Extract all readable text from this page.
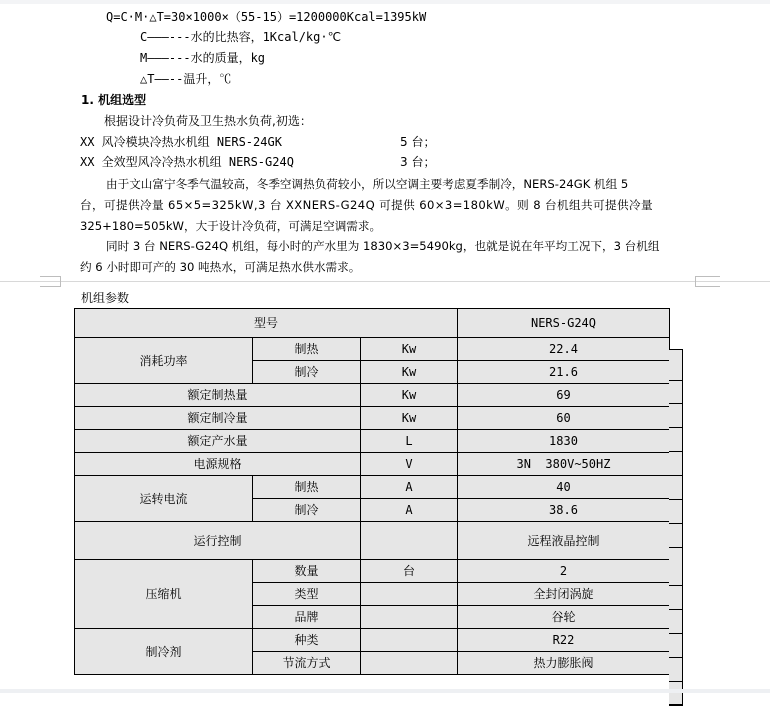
Q=C·M·△T=30×1000×（55-15）=1200000Kcal=1395kW
C———---水的比热容，1Kcal/kg·℃
M———---水的质量，kg
△T——--温升，℃
1. 机组选型
根据设计冷负荷及卫生热水负荷,初选：
XX 风冷模块冷热水机组 NERS-24GK	5 台；
XX 全效型风冷冷热水机组 NERS-G24Q	3 台；
由于文山富宁冬季气温较高，冬季空调热负荷较小，所以空调主要考虑夏季制冷，NERS-24GK 机组 5
台，可提供冷量 65×5=325kW,3 台 XXNERS-G24Q 可提供 60×3=180kW。则 8 台机组共可提供冷量
325+180=505kW，大于设计冷负荷，可满足空调需求。
同时 3 台 NERS-G24Q 机组，每小时的产水里为 1830×3=5490kg，也就是说在年平均工况下，3 台机组
约 6 小时即可产的 30 吨热水，可满足热水供水需求。
机组参数
型号			NERS-G24Q
消耗功率	制热	Kw	22.4
	制冷	Kw	21.6
额定制热量		Kw	69
额定制冷量		Kw	60
额定产水量		L	1830
电源规格		V	3N  380V~50HZ
运转电流	制热	A	40
	制冷	A	38.6
运行控制			远程液晶控制
压缩机	数量	台	2
	类型		全封闭涡旋
	品牌		谷轮
制冷剂	种类		R22
	节流方式		热力膨胀阀
